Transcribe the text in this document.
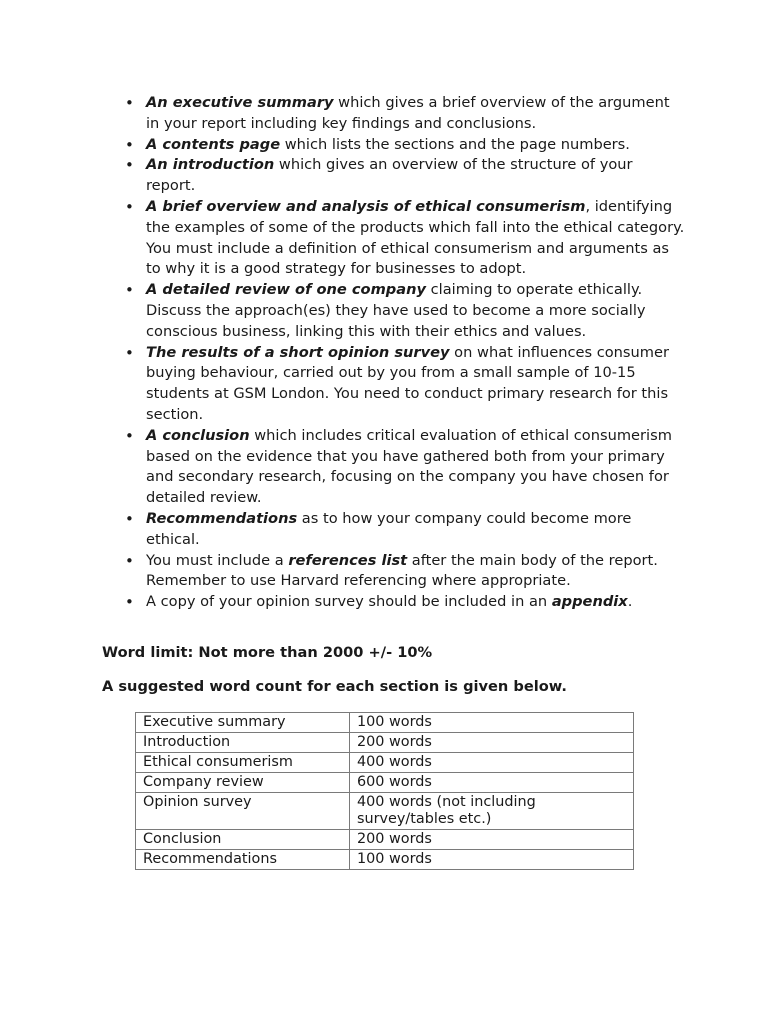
• An executive summary which gives a brief overview of the argument in your report including key findings and conclusions.
• A contents page which lists the sections and the page numbers.
• An introduction which gives an overview of the structure of your report.
• A brief overview and analysis of ethical consumerism, identifying the examples of some of the products which fall into the ethical category. You must include a definition of ethical consumerism and arguments as to why it is a good strategy for businesses to adopt.
• A detailed review of one company claiming to operate ethically. Discuss the approach(es) they have used to become a more socially conscious business, linking this with their ethics and values.
• The results of a short opinion survey on what influences consumer buying behaviour, carried out by you from a small sample of 10-15 students at GSM London. You need to conduct primary research for this section.
• A conclusion which includes critical evaluation of ethical consumerism based on the evidence that you have gathered both from your primary and secondary research, focusing on the company you have chosen for detailed review.
• Recommendations as to how your company could become more ethical.
• You must include a references list after the main body of the report. Remember to use Harvard referencing where appropriate.
• A copy of your opinion survey should be included in an appendix.

Word limit: Not more than 2000 +/- 10%

A suggested word count for each section is given below.

Executive summary	100 words
Introduction	200 words
Ethical consumerism	400 words
Company review	600 words
Opinion survey	400 words (not including survey/tables etc.)
Conclusion	200 words
Recommendations	100 words
